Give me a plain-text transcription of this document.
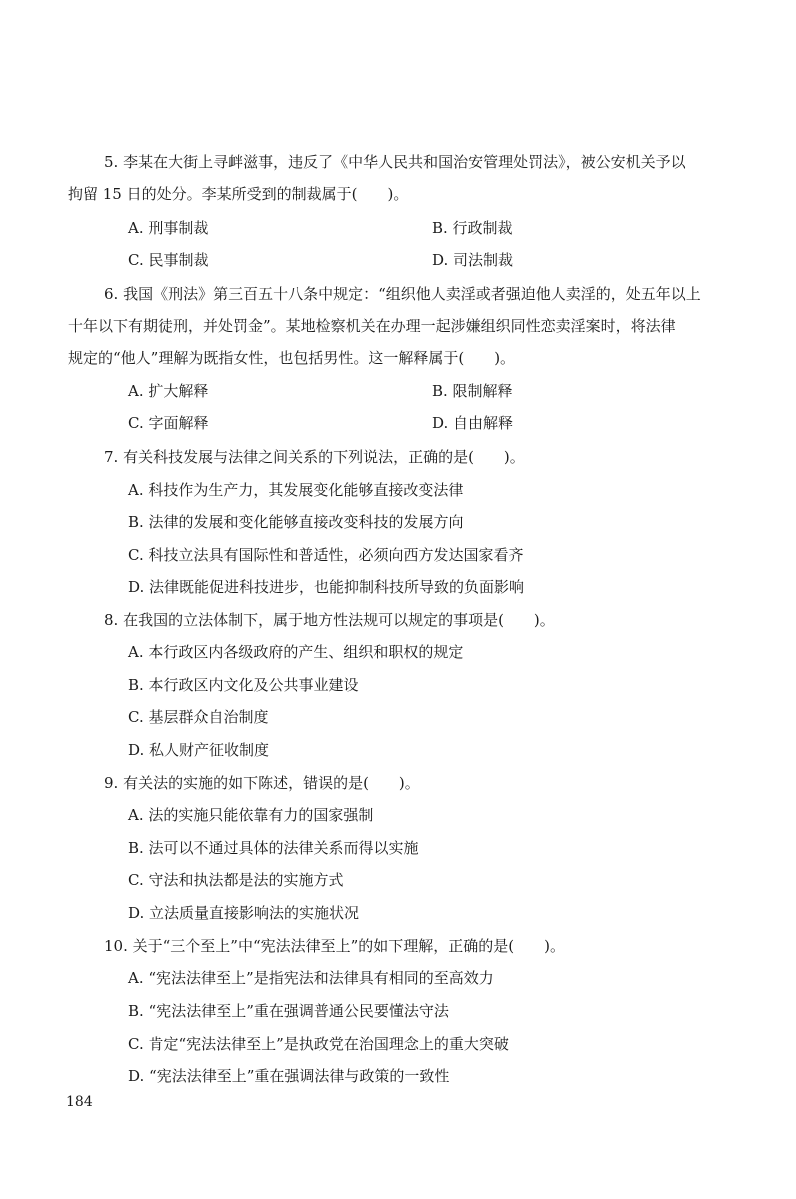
5. 李某在大街上寻衅滋事，违反了《中华人民共和国治安管理处罚法》，被公安机关予以
拘留 15 日的处分。李某所受到的制裁属于(　　)。
A. 刑事制裁	B. 行政制裁
C. 民事制裁	D. 司法制裁
6. 我国《刑法》第三百五十八条中规定：“组织他人卖淫或者强迫他人卖淫的，处五年以上
十年以下有期徒刑，并处罚金”。某地检察机关在办理一起涉嫌组织同性恋卖淫案时，将法律
规定的“他人”理解为既指女性，也包括男性。这一解释属于(　　)。
A. 扩大解释	B. 限制解释
C. 字面解释	D. 自由解释
7. 有关科技发展与法律之间关系的下列说法，正确的是(　　)。
A. 科技作为生产力，其发展变化能够直接改变法律
B. 法律的发展和变化能够直接改变科技的发展方向
C. 科技立法具有国际性和普适性，必须向西方发达国家看齐
D. 法律既能促进科技进步，也能抑制科技所导致的负面影响
8. 在我国的立法体制下，属于地方性法规可以规定的事项是(　　)。
A. 本行政区内各级政府的产生、组织和职权的规定
B. 本行政区内文化及公共事业建设
C. 基层群众自治制度
D. 私人财产征收制度
9. 有关法的实施的如下陈述，错误的是(　　)。
A. 法的实施只能依靠有力的国家强制
B. 法可以不通过具体的法律关系而得以实施
C. 守法和执法都是法的实施方式
D. 立法质量直接影响法的实施状况
10. 关于“三个至上”中“宪法法律至上”的如下理解，正确的是(　　)。
A. “宪法法律至上”是指宪法和法律具有相同的至高效力
B. “宪法法律至上”重在强调普通公民要懂法守法
C. 肯定“宪法法律至上”是执政党在治国理念上的重大突破
D. “宪法法律至上”重在强调法律与政策的一致性
184
